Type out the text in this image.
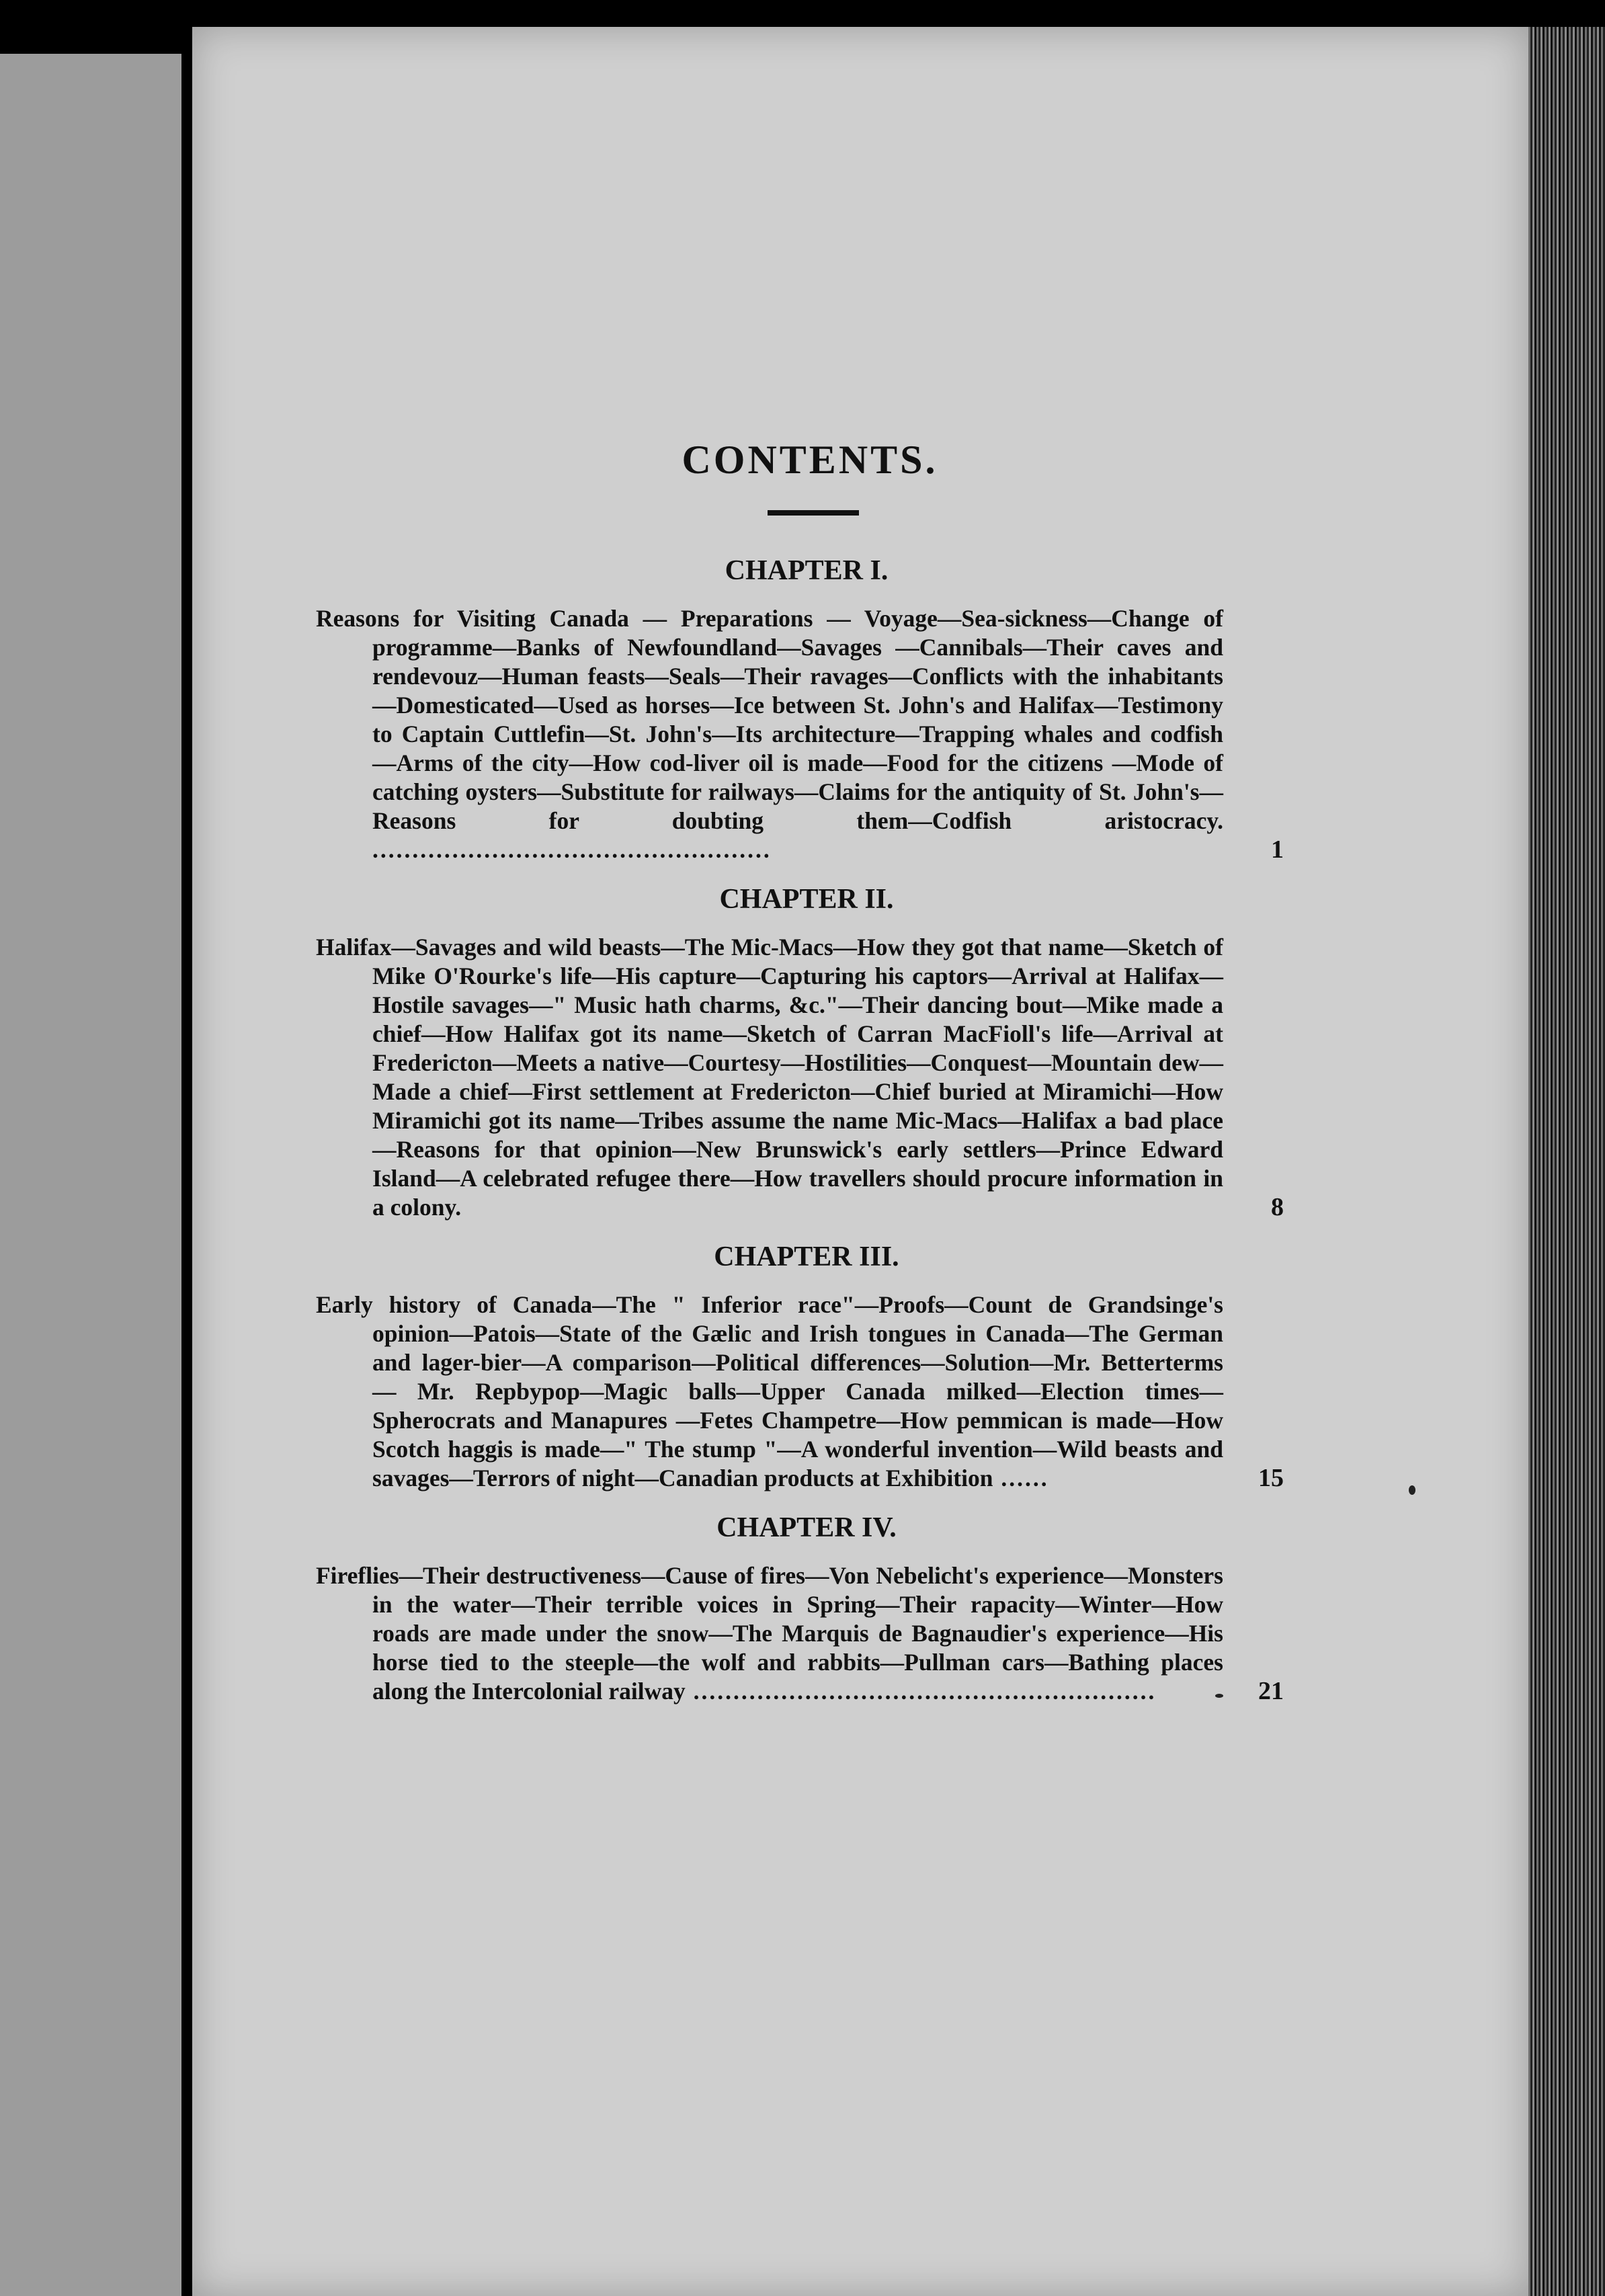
CONTENTS.
CHAPTER I.

Reasons for Visiting Canada — Preparations — Voyage—Sea-sickness—Change of programme—Banks of Newfoundland—Savages —Cannibals—Their caves and rendevouz—Human feasts—Seals—Their ravages—Conflicts with the inhabitants—Domesticated—Used as horses—Ice between St. John's and Halifax—Testimony to Captain Cuttlefin—St. John's—Its architecture—Trapping whales and codfish —Arms of the city—How cod-liver oil is made—Food for the citizens —Mode of catching oysters—Substitute for railways—Claims for the antiquity of St. John's—Reasons for doubting them—Codfish aristocracy. ..................................................	1
CHAPTER II.

Halifax—Savages and wild beasts—The Mic-Macs—How they got that name—Sketch of Mike O'Rourke's life—His capture—Capturing his captors—Arrival at Halifax—Hostile savages—" Music hath charms, &c."—Their dancing bout—Mike made a chief—How Halifax got its name—Sketch of Carran MacFioll's life—Arrival at Fredericton—Meets a native—Courtesy—Hostilities—Conquest—Mountain dew—Made a chief—First settlement at Fredericton—Chief buried at Miramichi—How Miramichi got its name—Tribes assume the name Mic-Macs—Halifax a bad place—Reasons for that opinion—New Brunswick's early settlers—Prince Edward Island—A celebrated refugee there—How travellers should procure information in a colony.	8
CHAPTER III.

Early history of Canada—The " Inferior race"—Proofs—Count de Grandsinge's opinion—Patois—State of the Gælic and Irish tongues in Canada—The German and lager-bier—A comparison—Political differences—Solution—Mr. Betterterms — Mr. Repbypop—Magic balls—Upper Canada milked—Election times—Spherocrats and Manapures —Fetes Champetre—How pemmican is made—How Scotch haggis is made—" The stump "—A wonderful invention—Wild beasts and savages—Terrors of night—Canadian products at Exhibition ......	15
CHAPTER IV.

Fireflies—Their destructiveness—Cause of fires—Von Nebelicht's experience—Monsters in the water—Their terrible voices in Spring—Their rapacity—Winter—How roads are made under the snow—The Marquis de Bagnaudier's experience—His horse tied to the steeple—the wolf and rabbits—Pullman cars—Bathing places along the Intercolonial railway ..........................................................	21
